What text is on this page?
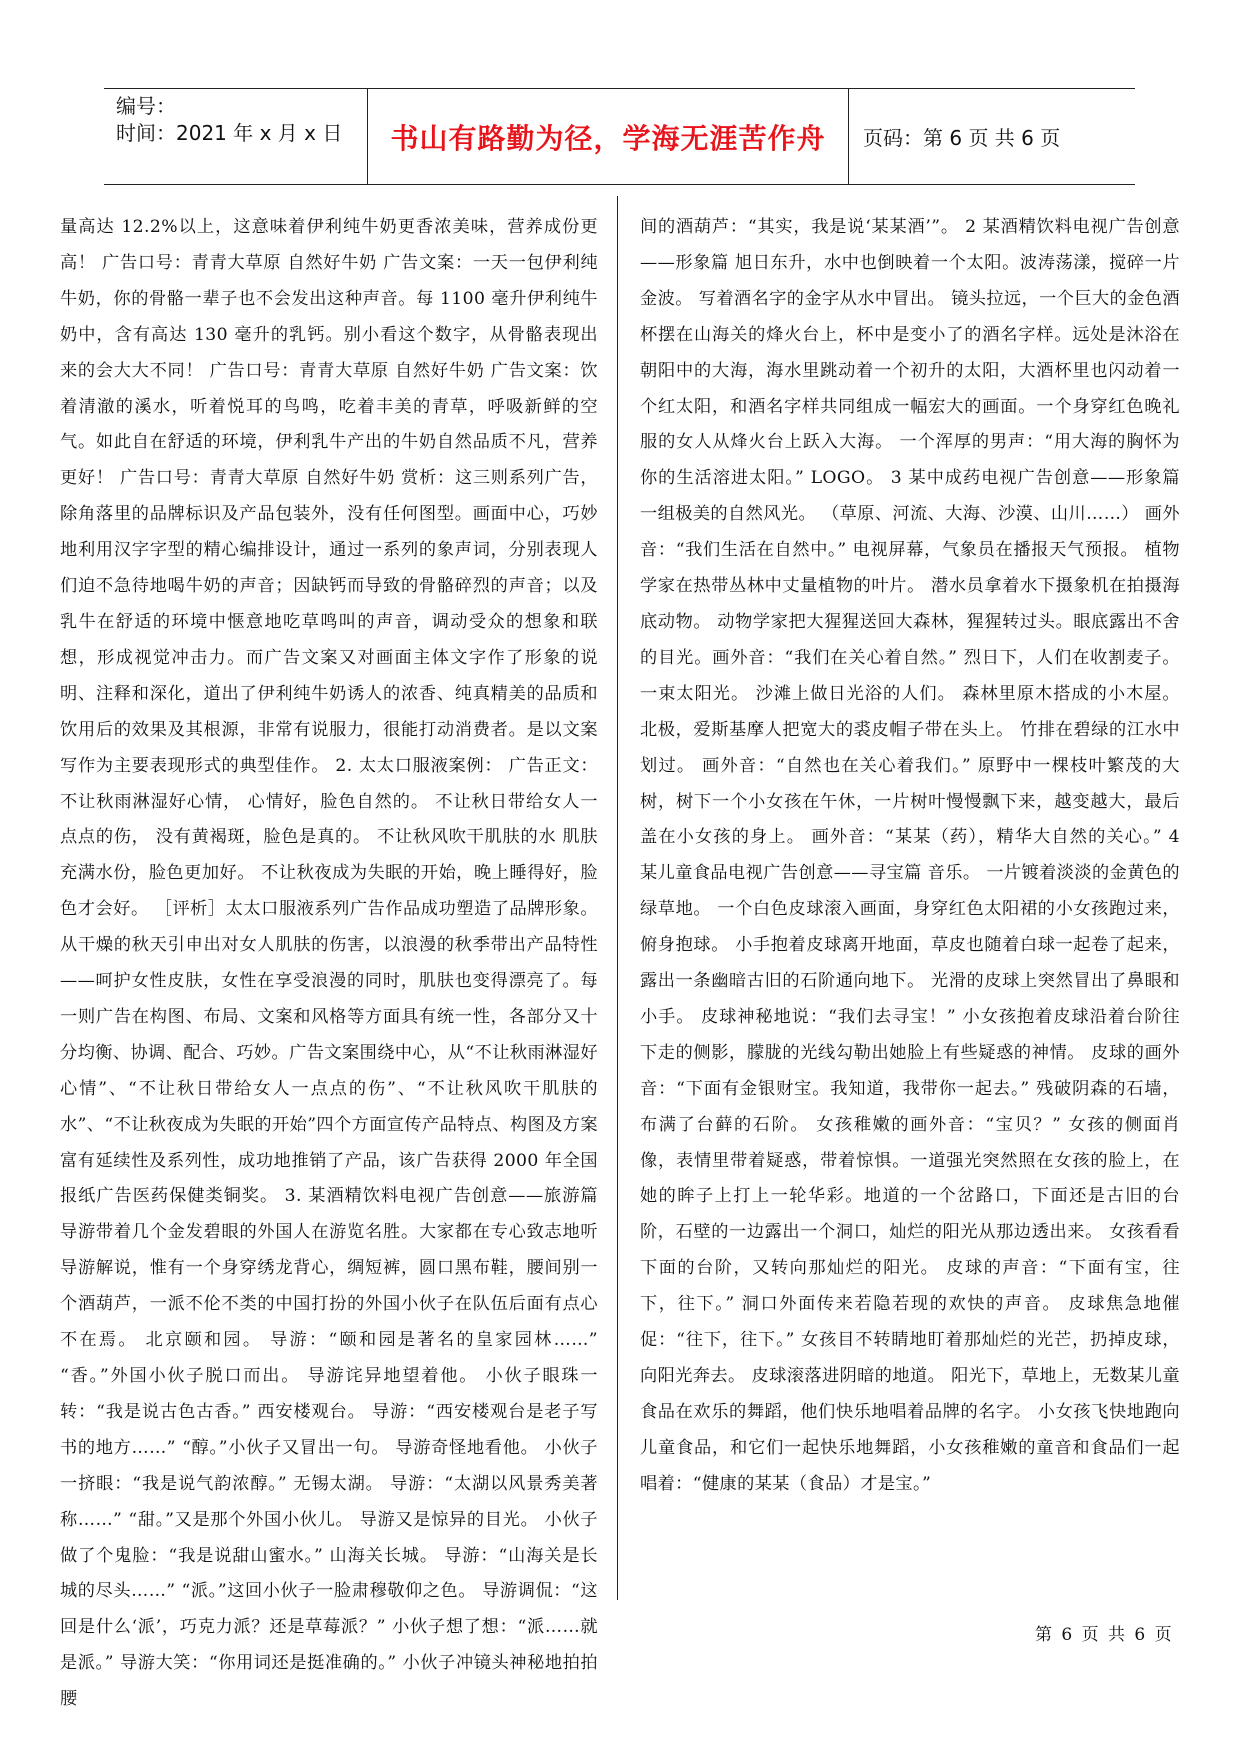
编号：
时间：2021 年 x 月 x 日	书山有路勤为径，学海无涯苦作舟 页码：第 6 页 共 6 页
量高达 12.2%以上，这意味着伊利纯牛奶更香浓美味，营养成份更高！ 广告口号：青青大草原 自然好牛奶 广告文案：一天一包伊利纯牛奶，你的骨骼一辈子也不会发出这种声音。每 1100 毫升伊利纯牛奶中，含有高达 130 毫升的乳钙。别小看这个数字，从骨骼表现出来的会大大不同！ 广告口号：青青大草原 自然好牛奶 广告文案：饮着清澈的溪水，听着悦耳的鸟鸣，吃着丰美的青草，呼吸新鲜的空气。如此自在舒适的环境，伊利乳牛产出的牛奶自然品质不凡，营养更好！ 广告口号：青青大草原 自然好牛奶 赏析：这三则系列广告，除角落里的品牌标识及产品包装外，没有任何图型。画面中心，巧妙地利用汉字字型的精心编排设计，通过一系列的象声词，分别表现人们迫不急待地喝牛奶的声音；因缺钙而导致的骨骼碎烈的声音；以及乳牛在舒适的环境中惬意地吃草鸣叫的声音，调动受众的想象和联想，形成视觉冲击力。而广告文案又对画面主体文字作了形象的说明、注释和深化，道出了伊利纯牛奶诱人的浓香、纯真精美的品质和饮用后的效果及其根源，非常有说服力，很能打动消费者。是以文案写作为主要表现形式的典型佳作。 2. 太太口服液案例： 广告正文： 不让秋雨淋湿好心情， 心情好，脸色自然的。 不让秋日带给女人一点点的伤， 没有黄褐斑，脸色是真的。 不让秋风吹干肌肤的水 肌肤充满水份，脸色更加好。 不让秋夜成为失眠的开始，晚上睡得好，脸色才会好。 ［评析］太太口服液系列广告作品成功塑造了品牌形象。从干燥的秋天引申出对女人肌肤的伤害，以浪漫的秋季带出产品特性——呵护女性皮肤，女性在享受浪漫的同时，肌肤也变得漂亮了。每一则广告在构图、布局、文案和风格等方面具有统一性，各部分又十分均衡、协调、配合、巧妙。广告文案围绕中心，从“不让秋雨淋湿好心情”、“不让秋日带给女人一点点的伤”、“不让秋风吹干肌肤的水”、“不让秋夜成为失眠的开始”四个方面宣传产品特点、构图及方案富有延续性及系列性，成功地推销了产品，该广告获得 2000 年全国报纸广告医药保健类铜奖。 3. 某酒精饮料电视广告创意——旅游篇 导游带着几个金发碧眼的外国人在游览名胜。大家都在专心致志地听导游解说，惟有一个身穿绣龙背心，绸短裤，圆口黑布鞋，腰间别一个酒葫芦，一派不伦不类的中国打扮的外国小伙子在队伍后面有点心不在焉。 北京颐和园。 导游：“颐和园是著名的皇家园林……” “香。”外国小伙子脱口而出。 导游诧异地望着他。 小伙子眼珠一转：“我是说古色古香。” 西安楼观台。 导游：“西安楼观台是老子写书的地方……” “醇。”小伙子又冒出一句。 导游奇怪地看他。 小伙子一挤眼：“我是说气韵浓醇。” 无锡太湖。 导游：“太湖以风景秀美著称……” “甜。”又是那个外国小伙儿。 导游又是惊异的目光。 小伙子做了个鬼脸：“我是说甜山蜜水。” 山海关长城。 导游：“山海关是长城的尽头……” “派。”这回小伙子一脸肃穆敬仰之色。 导游调侃：“这回是什么‘派’，巧克力派？还是草莓派？” 小伙子想了想：“派……就是派。” 导游大笑：“你用词还是挺准确的。” 小伙子冲镜头神秘地拍拍腰
间的酒葫芦：“其实，我是说‘某某酒’”。 2 某酒精饮料电视广告创意——形象篇 旭日东升，水中也倒映着一个太阳。波涛荡漾，搅碎一片金波。 写着酒名字的金字从水中冒出。 镜头拉远，一个巨大的金色酒杯摆在山海关的烽火台上，杯中是变小了的酒名字样。远处是沐浴在朝阳中的大海，海水里跳动着一个初升的太阳，大酒杯里也闪动着一个红太阳，和酒名字样共同组成一幅宏大的画面。一个身穿红色晚礼服的女人从烽火台上跃入大海。 一个浑厚的男声：“用大海的胸怀为你的生活溶进太阳。” LOGO。 3 某中成药电视广告创意——形象篇 一组极美的自然风光。 （草原、河流、大海、沙漠、山川……） 画外音：“我们生活在自然中。” 电视屏幕，气象员在播报天气预报。 植物学家在热带丛林中丈量植物的叶片。 潜水员拿着水下摄象机在拍摄海底动物。 动物学家把大猩猩送回大森林，猩猩转过头。眼底露出不舍的目光。画外音：“我们在关心着自然。” 烈日下，人们在收割麦子。 一束太阳光。 沙滩上做日光浴的人们。 森林里原木搭成的小木屋。 北极，爱斯基摩人把宽大的裘皮帽子带在头上。 竹排在碧绿的江水中划过。 画外音：“自然也在关心着我们。” 原野中一棵枝叶繁茂的大树，树下一个小女孩在午休，一片树叶慢慢飘下来，越变越大，最后盖在小女孩的身上。 画外音：“某某（药），精华大自然的关心。” 4 某儿童食品电视广告创意——寻宝篇 音乐。 一片镀着淡淡的金黄色的绿草地。 一个白色皮球滚入画面，身穿红色太阳裙的小女孩跑过来，俯身抱球。 小手抱着皮球离开地面，草皮也随着白球一起卷了起来，露出一条幽暗古旧的石阶通向地下。 光滑的皮球上突然冒出了鼻眼和小手。 皮球神秘地说：“我们去寻宝！” 小女孩抱着皮球沿着台阶往下走的侧影，朦胧的光线勾勒出她脸上有些疑惑的神情。 皮球的画外音：“下面有金银财宝。我知道，我带你一起去。” 残破阴森的石墙，布满了台藓的石阶。 女孩稚嫩的画外音：“宝贝？” 女孩的侧面肖像，表情里带着疑惑，带着惊惧。一道强光突然照在女孩的脸上，在她的眸子上打上一轮华彩。地道的一个岔路口，下面还是古旧的台阶，石壁的一边露出一个洞口，灿烂的阳光从那边透出来。 女孩看看下面的台阶，又转向那灿烂的阳光。 皮球的声音：“下面有宝，往下，往下。” 洞口外面传来若隐若现的欢快的声音。 皮球焦急地催促：“往下，往下。” 女孩目不转睛地盯着那灿烂的光芒，扔掉皮球，向阳光奔去。 皮球滚落进阴暗的地道。 阳光下，草地上，无数某儿童食品在欢乐的舞蹈，他们快乐地唱着品牌的名字。 小女孩飞快地跑向儿童食品，和它们一起快乐地舞蹈，小女孩稚嫩的童音和食品们一起唱着：“健康的某某（食品）才是宝。”
第 6 页 共 6 页
